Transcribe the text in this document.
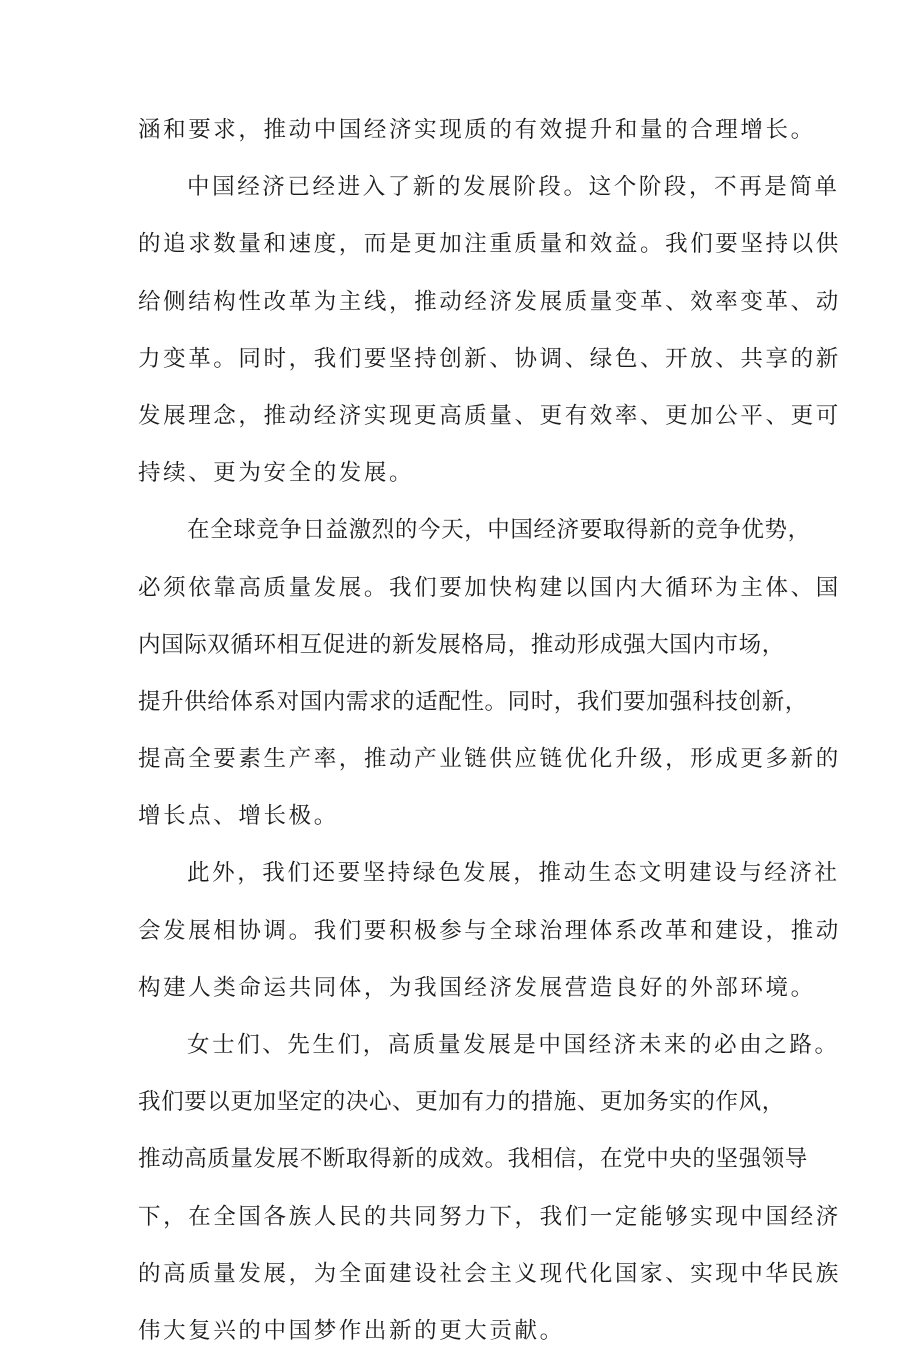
涵和要求，推动中国经济实现质的有效提升和量的合理增长。
中国经济已经进入了新的发展阶段。这个阶段，不再是简单
的追求数量和速度，而是更加注重质量和效益。我们要坚持以供
给侧结构性改革为主线，推动经济发展质量变革、效率变革、动
力变革。同时，我们要坚持创新、协调、绿色、开放、共享的新
发展理念，推动经济实现更高质量、更有效率、更加公平、更可
持续、更为安全的发展。
在全球竞争日益激烈的今天，中国经济要取得新的竞争优势，
必须依靠高质量发展。我们要加快构建以国内大循环为主体、国
内国际双循环相互促进的新发展格局，推动形成强大国内市场，
提升供给体系对国内需求的适配性。同时，我们要加强科技创新，
提高全要素生产率，推动产业链供应链优化升级，形成更多新的
增长点、增长极。
此外，我们还要坚持绿色发展，推动生态文明建设与经济社
会发展相协调。我们要积极参与全球治理体系改革和建设，推动
构建人类命运共同体，为我国经济发展营造良好的外部环境。
女士们、先生们，高质量发展是中国经济未来的必由之路。
我们要以更加坚定的决心、更加有力的措施、更加务实的作风，
推动高质量发展不断取得新的成效。我相信，在党中央的坚强领导
下，在全国各族人民的共同努力下，我们一定能够实现中国经济
的高质量发展，为全面建设社会主义现代化国家、实现中华民族
伟大复兴的中国梦作出新的更大贡献。
